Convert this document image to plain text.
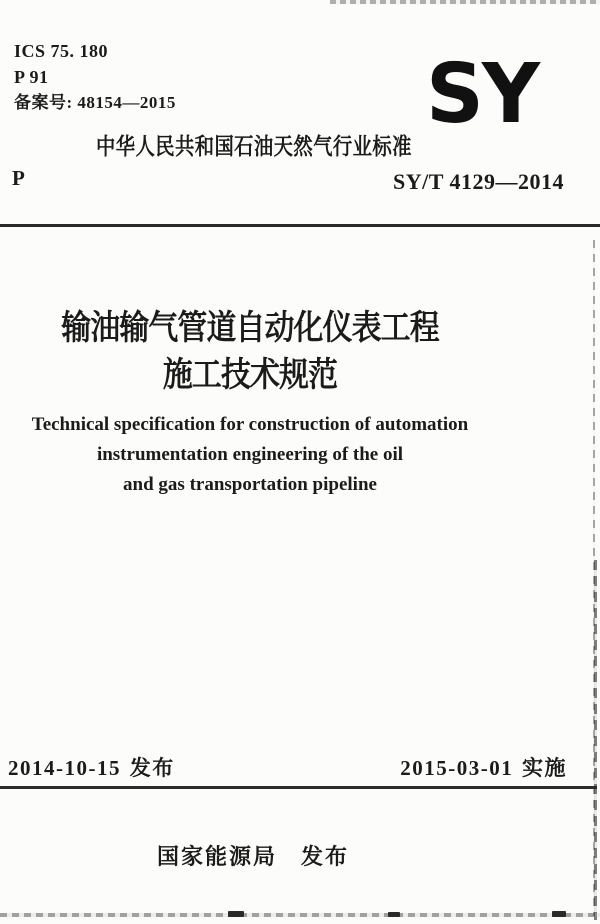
ICS 75. 180
P 91
备案号: 48154—2015	SY
中华人民共和国石油天然气行业标准
P	SY/T 4129—2014
输油输气管道自动化仪表工程
施工技术规范
Technical specification for construction of automation
instrumentation engineering of the oil
and gas transportation pipeline
2014-10-15 发布	2015-03-01 实施
国家能源局　发布
